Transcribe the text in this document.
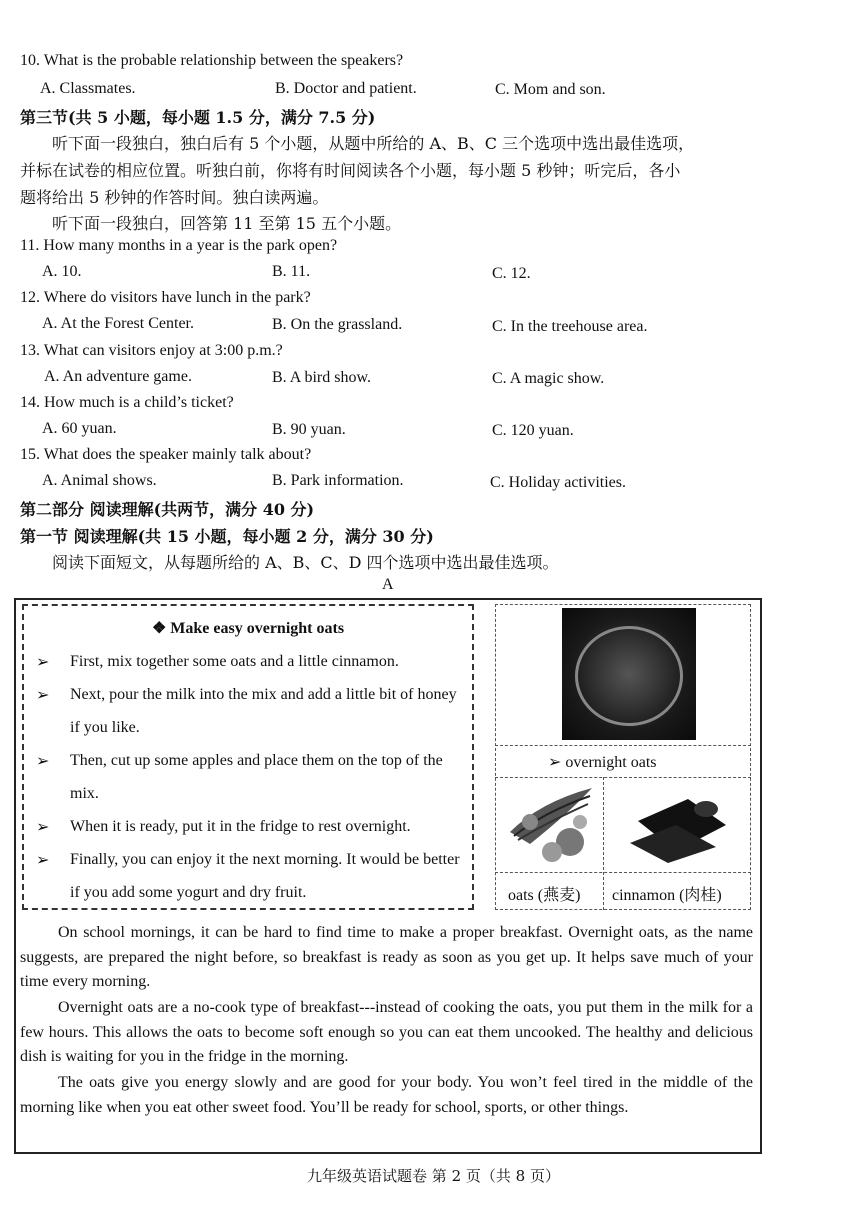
10. What is the probable relationship between the speakers?
A. Classmates.	B. Doctor and patient.	C. Mom and son.
第三节(共 5 小题，每小题 1.5 分，满分 7.5 分)
听下面一段独白，独白后有 5 个小题，从题中所给的 A、B、C 三个选项中选出最佳选项，
并标在试卷的相应位置。听独白前，你将有时间阅读各个小题，每小题 5 秒钟；听完后，各小
题将给出 5 秒钟的作答时间。独白读两遍。
听下面一段独白，回答第 11 至第 15 五个小题。
11. How many months in a year is the park open?
A. 10.	B. 11.	C. 12.
12. Where do visitors have lunch in the park?
A. At the Forest Center.	B. On the grassland.	C. In the treehouse area.
13. What can visitors enjoy at 3:00 p.m.?
A. An adventure game.	B. A bird show.	C. A magic show.
14. How much is a child’s ticket?
A. 60 yuan.	B. 90 yuan.	C. 120 yuan.
15. What does the speaker mainly talk about?
A. Animal shows.	B. Park information.	C. Holiday activities.
第二部分 阅读理解(共两节，满分 40 分)
第一节 阅读理解(共 15 小题，每小题 2 分，满分 30 分)
阅读下面短文，从每题所给的 A、B、C、D 四个选项中选出最佳选项。
A
❖ Make easy overnight oats
➢ First, mix together some oats and a little cinnamon.
➢ Next, pour the milk into the mix and add a little bit of honey if you like.
➢ Then, cut up some apples and place them on the top of the mix.
➢ When it is ready, put it in the fridge to rest overnight.
➢ Finally, you can enjoy it the next morning. It would be better if you add some yogurt and dry fruit.
➢ overnight oats
oats (燕麦) cinnamon (肉桂)
On school mornings, it can be hard to find time to make a proper breakfast. Overnight oats, as the name suggests, are prepared the night before, so breakfast is ready as soon as you get up. It helps save much of your time every morning.
Overnight oats are a no-cook type of breakfast---instead of cooking the oats, you put them in the milk for a few hours. This allows the oats to become soft enough so you can eat them uncooked. The healthy and delicious dish is waiting for you in the fridge in the morning.
The oats give you energy slowly and are good for your body. You won’t feel tired in the middle of the morning like when you eat other sweet food. You’ll be ready for school, sports, or other things.
九年级英语试题卷 第 2 页（共 8 页）
